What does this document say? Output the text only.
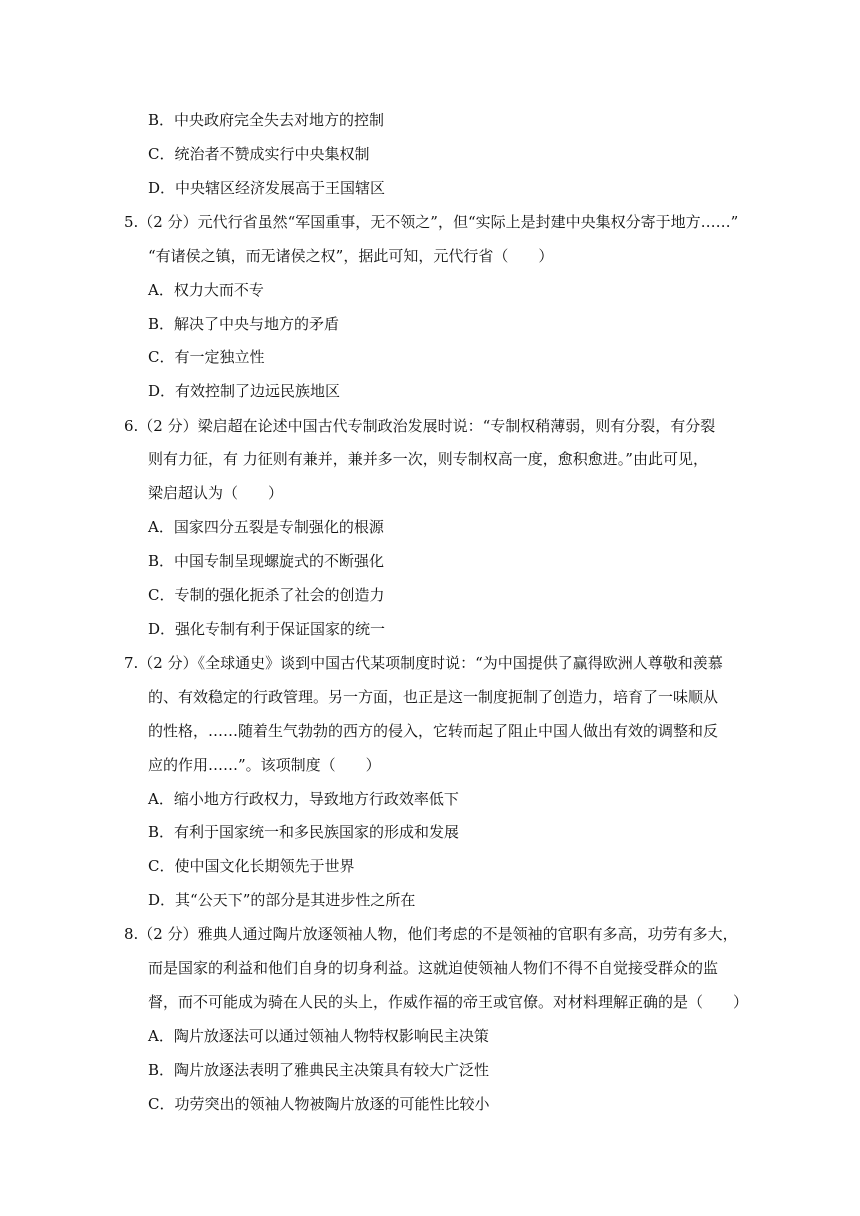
B．中央政府完全失去对地方的控制
C．统治者不赞成实行中央集权制
D．中央辖区经济发展高于王国辖区
5.（2 分）元代行省虽然“军国重事，无不领之”，但“实际上是封建中央集权分寄于地方……”
“有诸侯之镇，而无诸侯之权”，据此可知，元代行省（　　）
A．权力大而不专
B．解决了中央与地方的矛盾
C．有一定独立性
D．有效控制了边远民族地区
6.（2 分）梁启超在论述中国古代专制政治发展时说：“专制权稍薄弱，则有分裂，有分裂
则有力征，有 力征则有兼并，兼并多一次，则专制权高一度，愈积愈进。”由此可见，
梁启超认为（　　）
A．国家四分五裂是专制强化的根源
B．中国专制呈现螺旋式的不断强化
C．专制的强化扼杀了社会的创造力
D．强化专制有利于保证国家的统一
7.（2 分）《全球通史》谈到中国古代某项制度时说：“为中国提供了赢得欧洲人尊敬和羡慕
的、有效稳定的行政管理。另一方面，也正是这一制度扼制了创造力，培育了一味顺从
的性格，……随着生气勃勃的西方的侵入，它转而起了阻止中国人做出有效的调整和反
应的作用……”。该项制度（　　）
A．缩小地方行政权力，导致地方行政效率低下
B．有利于国家统一和多民族国家的形成和发展
C．使中国文化长期领先于世界
D．其“公天下”的部分是其进步性之所在
8.（2 分）雅典人通过陶片放逐领袖人物，他们考虑的不是领袖的官职有多高，功劳有多大，
而是国家的利益和他们自身的切身利益。这就迫使领袖人物们不得不自觉接受群众的监
督，而不可能成为骑在人民的头上，作威作福的帝王或官僚。对材料理解正确的是（　　）
A．陶片放逐法可以通过领袖人物特权影响民主决策
B．陶片放逐法表明了雅典民主决策具有较大广泛性
C．功劳突出的领袖人物被陶片放逐的可能性比较小
